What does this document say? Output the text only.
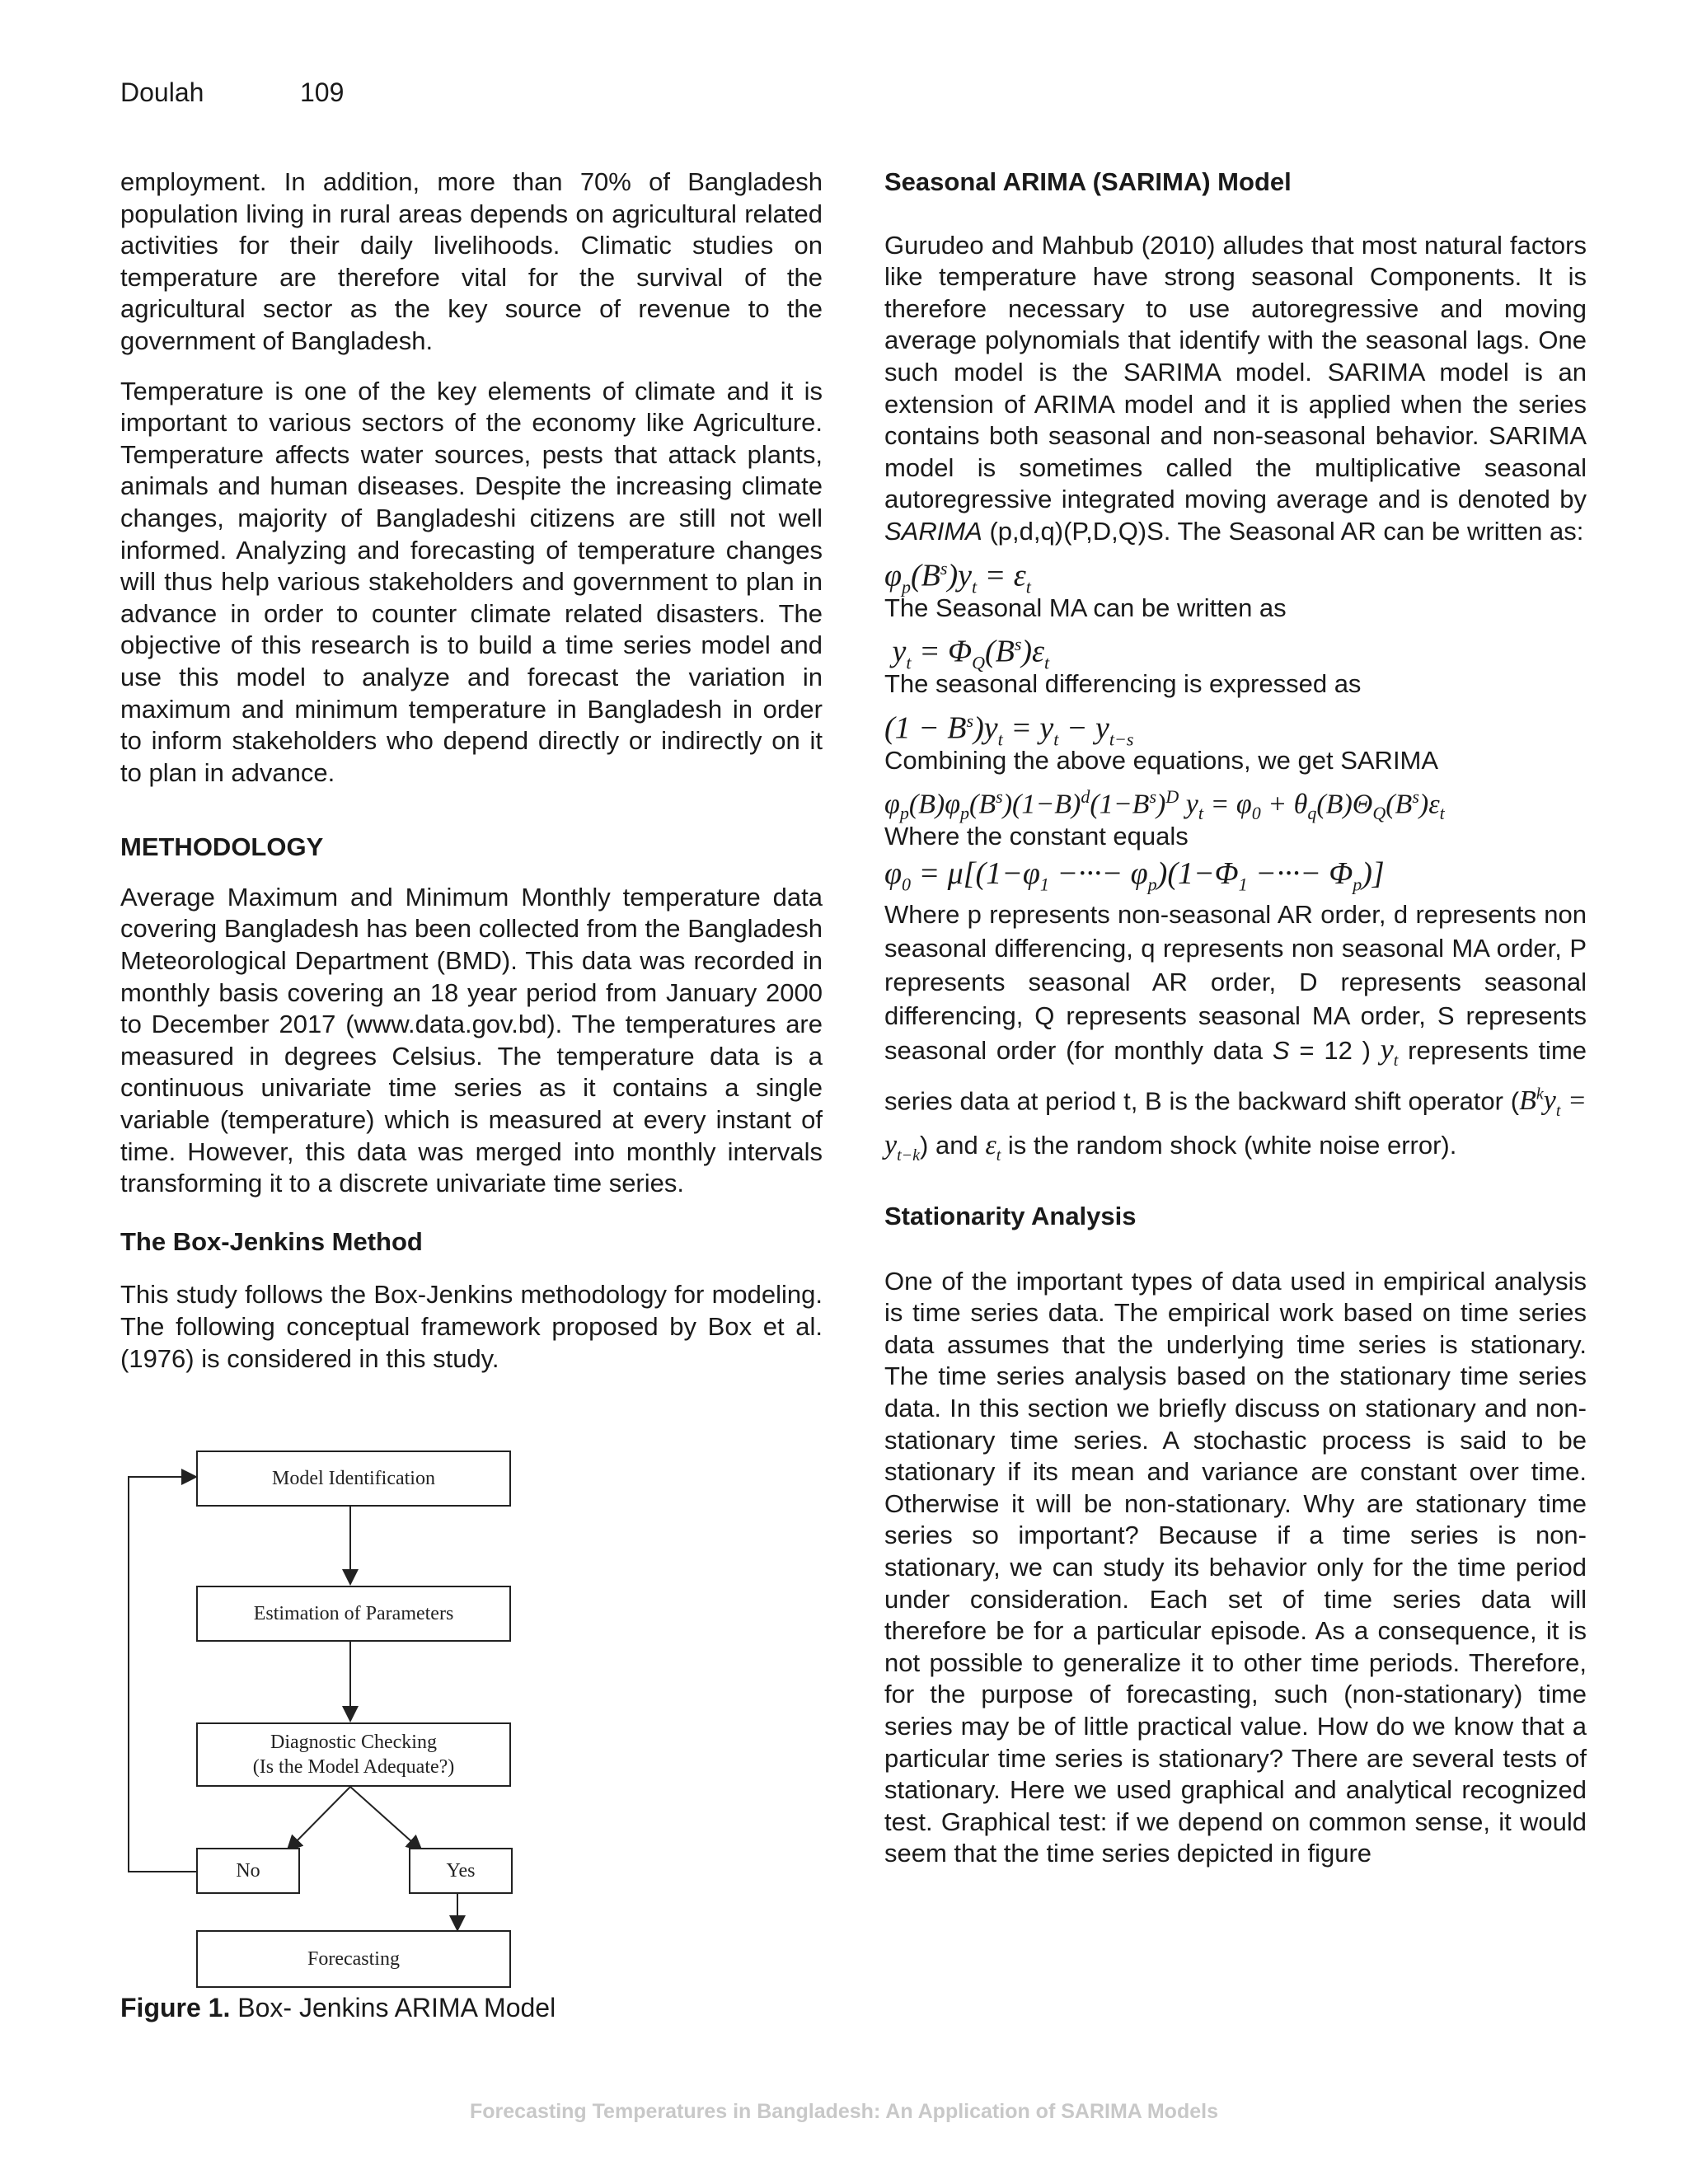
Doulah	109

employment. In addition, more than 70% of Bangladesh population living in rural areas depends on agricultural related activities for their daily livelihoods. Climatic studies on temperature are therefore vital for the survival of the agricultural sector as the key source of revenue to the government of Bangladesh.

Temperature is one of the key elements of climate and it is important to various sectors of the economy like Agriculture. Temperature affects water sources, pests that attack plants, animals and human diseases. Despite the increasing climate changes, majority of Bangladeshi citizens are still not well informed. Analyzing and forecasting of temperature changes will thus help various stakeholders and government to plan in advance in order to counter climate related disasters. The objective of this research is to build a time series model and use this model to analyze and forecast the variation in maximum and minimum temperature in Bangladesh in order to inform stakeholders who depend directly or indirectly on it to plan in advance.

METHODOLOGY

Average Maximum and Minimum Monthly temperature data covering Bangladesh has been collected from the Bangladesh Meteorological Department (BMD). This data was recorded in monthly basis covering an 18 year period from January 2000 to December 2017 (www.data.gov.bd). The temperatures are measured in degrees Celsius. The temperature data is a continuous univariate time series as it contains a single variable (temperature) which is measured at every instant of time. However, this data was merged into monthly intervals transforming it to a discrete univariate time series.

The Box-Jenkins Method

This study follows the Box-Jenkins methodology for modeling. The following conceptual framework proposed by Box et al. (1976) is considered in this study.

Model Identification
Estimation of Parameters
Diagnostic Checking
(Is the Model Adequate?)
No	Yes
Forecasting
Figure 1. Box- Jenkins ARIMA Model
Seasonal ARIMA (SARIMA) Model

Gurudeo and Mahbub (2010) alludes that most natural factors like temperature have strong seasonal Components. It is therefore necessary to use autoregressive and moving average polynomials that identify with the seasonal lags. One such model is the SARIMA model. SARIMA model is an extension of ARIMA model and it is applied when the series contains both seasonal and non-seasonal behavior. SARIMA model is sometimes called the multiplicative seasonal autoregressive integrated moving average and is denoted by SARIMA (p,d,q)(P,D,Q)S. The Seasonal AR can be written as:

$\varphi_p(B^s)y_t = \varepsilon_t$

The Seasonal MA can be written as

$y_t = \Phi_Q(B^s)\varepsilon_t$

The seasonal differencing is expressed as

$(1 - B^s)y_t = y_t - y_{t-s}$

Combining the above equations, we get SARIMA

$\varphi_p(B)\varphi_p(B^s)(1-B)^d(1-B^s)^D$ $y_t = \varphi_0 + \theta_q(B)\Theta_Q(B^s)\varepsilon_t$

Where the constant equals

$\varphi_0 = \mu[(1-\varphi_1$ −···− $\varphi_p)(1-\Phi_1$ −···− $\Phi_p$)]

Where p represents non-seasonal AR order, d represents non seasonal differencing, q represents non seasonal MA order, P represents seasonal AR order, D represents seasonal differencing, Q represents seasonal MA order, S represents seasonal order (for monthly data S = 12 ) $y_t$ represents time series data at period t, B is the backward shift operator $(B^ky_t = y_{t-k})$ and $\varepsilon_t$ is the random shock (white noise error).

Stationarity Analysis

One of the important types of data used in empirical analysis is time series data. The empirical work based on time series data assumes that the underlying time series is stationary. The time series analysis based on the stationary time series data. In this section we briefly discuss on stationary and non-stationary time series. A stochastic process is said to be stationary if its mean and variance are constant over time. Otherwise it will be non-stationary. Why are stationary time series so important? Because if a time series is non-stationary, we can study its behavior only for the time period under consideration. Each set of time series data will therefore be for a particular episode. As a consequence, it is not possible to generalize it to other time periods. Therefore, for the purpose of forecasting, such (non-stationary) time series may be of little practical value. How do we know that a particular time series is stationary? There are several tests of stationary. Here we used graphical and analytical recognized test. Graphical test: if we depend on common sense, it would seem that the time series depicted in figure

Forecasting Temperatures in Bangladesh: An Application of SARIMA Models
